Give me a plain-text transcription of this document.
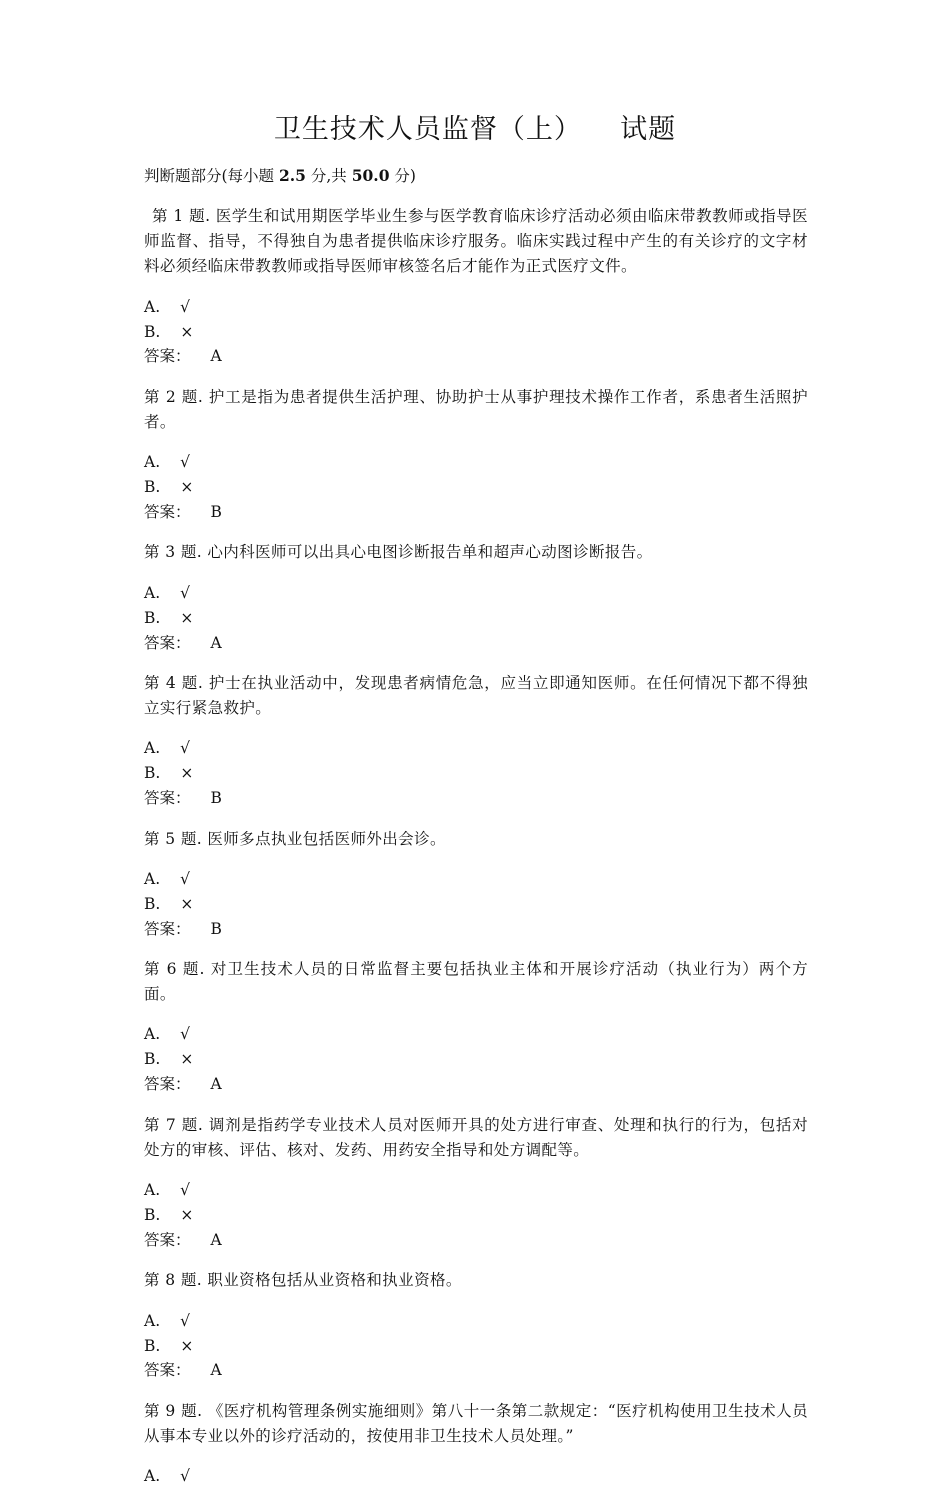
卫生技术人员监督（上）    试题

判断题部分(每小题 2.5 分,共 50.0 分)

第 1 题. 医学生和试用期医学毕业生参与医学教育临床诊疗活动必须由临床带教教师或指导医师监督、指导，不得独自为患者提供临床诊疗服务。临床实践过程中产生的有关诊疗的文字材料必须经临床带教教师或指导医师审核签名后才能作为正式医疗文件。

A. √

B. ×

答案： A

第 2 题. 护工是指为患者提供生活护理、协助护士从事护理技术操作工作者，系患者生活照护者。

A. √

B. ×

答案： B

第 3 题. 心内科医师可以出具心电图诊断报告单和超声心动图诊断报告。

A. √

B. ×

答案： A

第 4 题. 护士在执业活动中，发现患者病情危急，应当立即通知医师。在任何情况下都不得独立实行紧急救护。

A. √

B. ×

答案： B

第 5 题. 医师多点执业包括医师外出会诊。

A. √

B. ×

答案： B

第 6 题. 对卫生技术人员的日常监督主要包括执业主体和开展诊疗活动（执业行为）两个方面。

A. √

B. ×

答案： A

第 7 题. 调剂是指药学专业技术人员对医师开具的处方进行审查、处理和执行的行为，包括对处方的审核、评估、核对、发药、用药安全指导和处方调配等。

A. √

B. ×

答案： A

第 8 题. 职业资格包括从业资格和执业资格。

A. √

B. ×

答案： A

第 9 题. 《医疗机构管理条例实施细则》第八十一条第二款规定：“医疗机构使用卫生技术人员从事本专业以外的诊疗活动的，按使用非卫生技术人员处理。”

A. √
